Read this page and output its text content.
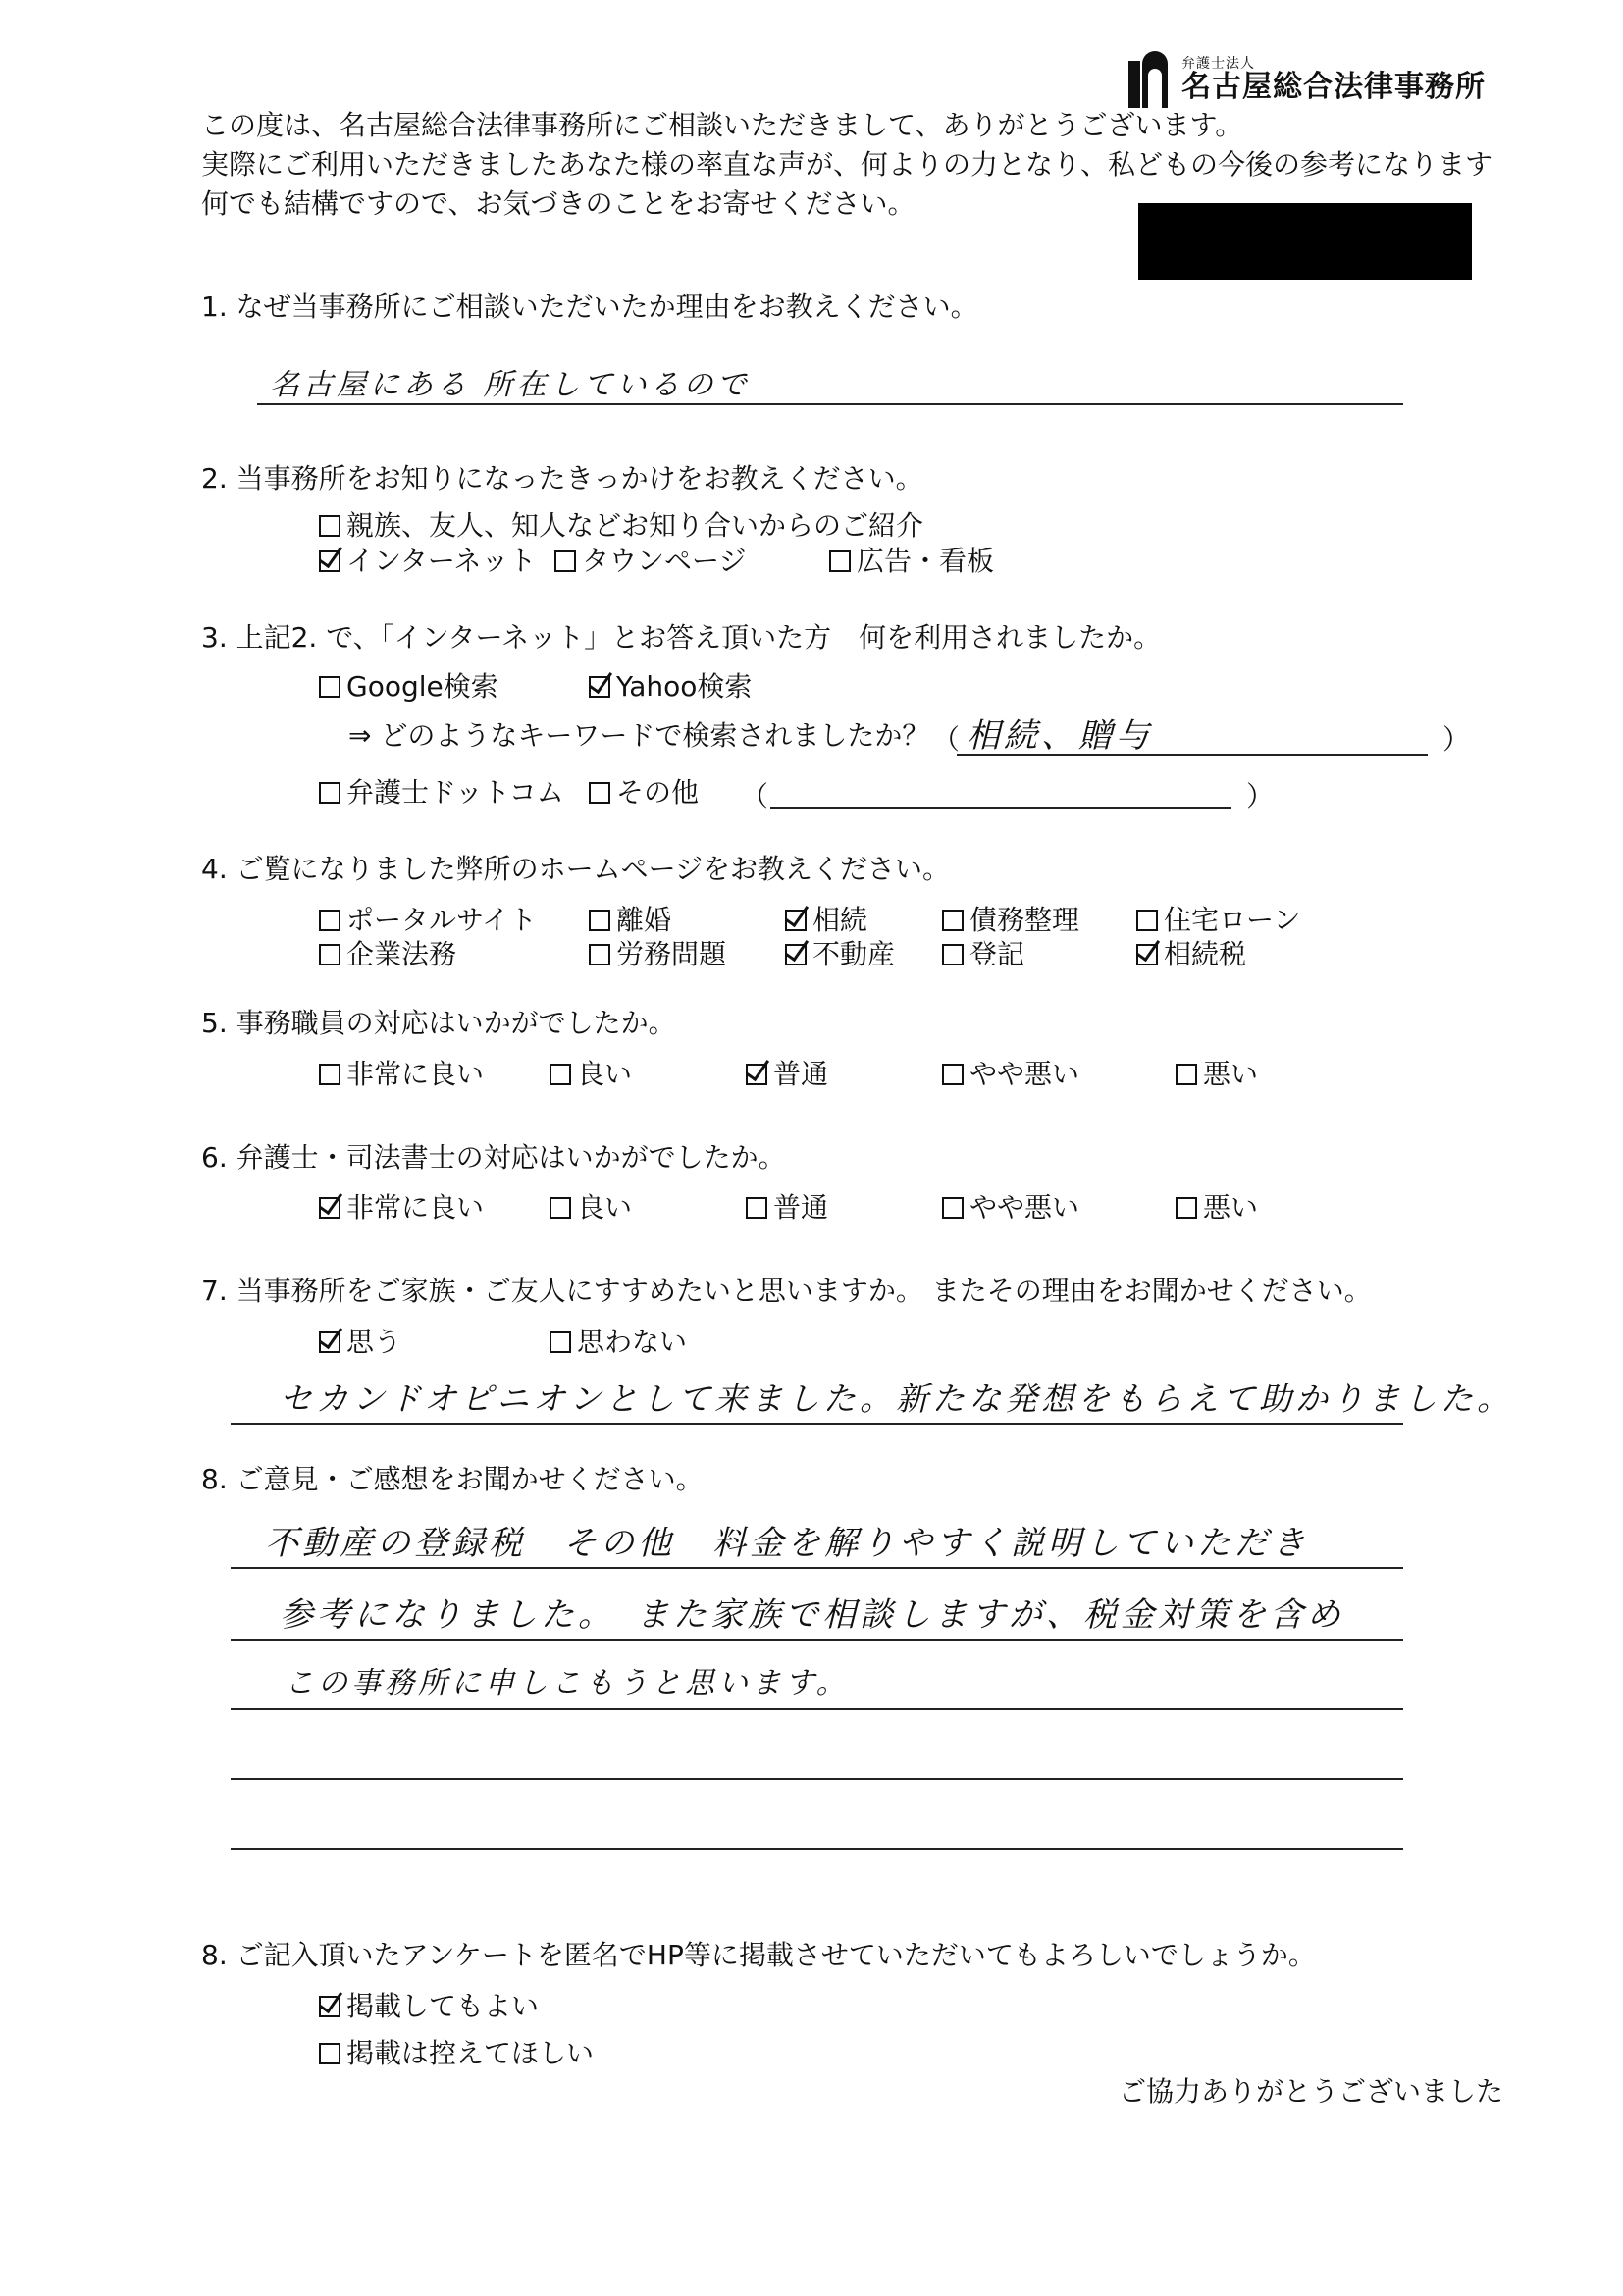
弁護士法人
名古屋総合法律事務所
この度は、名古屋総合法律事務所にご相談いただきまして、ありがとうございます。
実際にご利用いただきましたあなた様の率直な声が、何よりの力となり、私どもの今後の参考になります
何でも結構ですので、お気づきのことをお寄せください。
1. なぜ当事務所にご相談いただいたか理由をお教えください。
名古屋にある 所在しているので
2. 当事務所をお知りになったきっかけをお教えください。
親族、友人、知人などお知り合いからのご紹介
インターネット タウンページ	広告・看板
3. 上記2. で、「インターネット」とお答え頂いた方　何を利用されましたか。
Google検索	Yahoo検索
⇒ どのようなキーワードで検索されましたか？ （ 相続、贈与	）
弁護士ドットコム その他 （	）
4. ご覧になりました弊所のホームページをお教えください。
ポータルサイト	離婚	相続	債務整理	住宅ローン
企業法務	労務問題	不動産	登記	相続税
5. 事務職員の対応はいかがでしたか。
非常に良い	良い	普通	やや悪い	悪い
6. 弁護士・司法書士の対応はいかがでしたか。
非常に良い	良い	普通	やや悪い	悪い
7. 当事務所をご家族・ご友人にすすめたいと思いますか。 またその理由をお聞かせください。
思う	思わない
セカンドオピニオンとして来ました。新たな発想をもらえて助かりました。
8. ご意見・ご感想をお聞かせください。
不動産の登録税　その他　料金を解りやすく説明していただき
参考になりました。　また家族で相談しますが、税金対策を含め
この事務所に申しこもうと思います。
8. ご記入頂いたアンケートを匿名でHP等に掲載させていただいてもよろしいでしょうか。
掲載してもよい
掲載は控えてほしい
ご協力ありがとうございました
